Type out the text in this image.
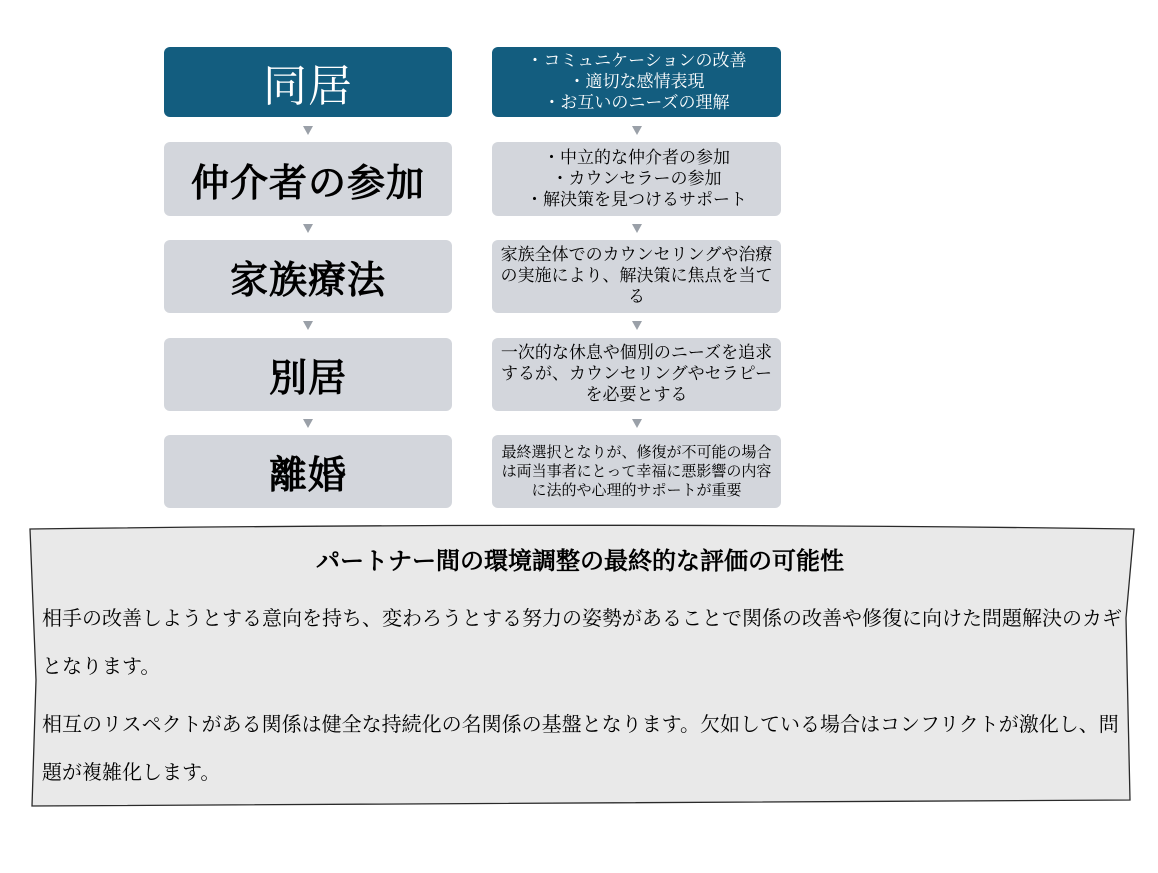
同居
仲介者の参加
家族療法
別居
離婚
・コミュニケーションの改善
・適切な感情表現
・お互いのニーズの理解
・中立的な仲介者の参加
・カウンセラーの参加
・解決策を見つけるサポート
家族全体でのカウンセリングや治療の実施により、解決策に焦点を当てる
一次的な休息や個別のニーズを追求するが、カウンセリングやセラピーを必要とする
最終選択となりが、修復が不可能の場合は両当事者にとって幸福に悪影響の内容に法的や心理的サポートが重要
パートナー間の環境調整の最終的な評価の可能性
相手の改善しようとする意向を持ち、変わろうとする努力の姿勢があることで関係の改善や修復に向けた問題解決のカギとなります。
相互のリスペクトがある関係は健全な持続化の名関係の基盤となります。欠如している場合はコンフリクトが激化し、問題が複雑化します。
